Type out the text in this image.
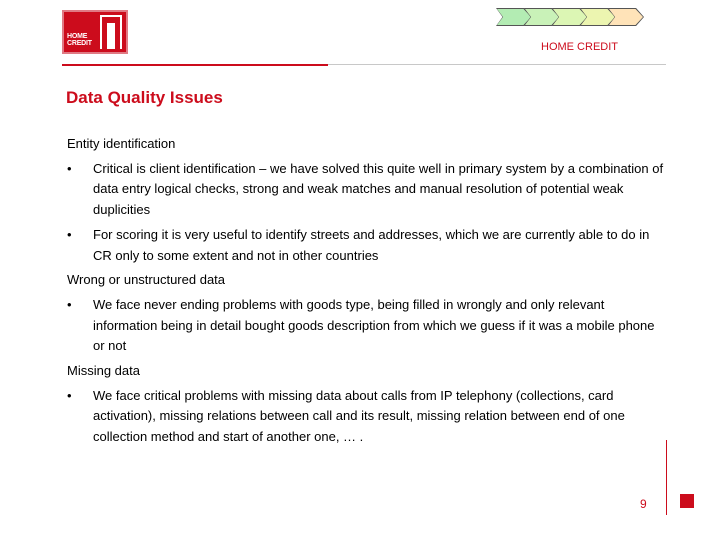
HOME
CREDIT	HOME CREDIT
Data Quality Issues
Entity identification
•	Critical is client identification – we have solved this quite well in primary system by a combination of data entry logical checks, strong and weak matches and manual resolution of potential weak duplicities
•	For scoring it is very useful to identify streets and addresses, which we are currently able to do in CR only to some extent and not in other countries
Wrong or unstructured data
•	We face never ending problems with goods type, being filled in wrongly and only relevant information being in detail bought goods description from which we guess if it was a mobile phone or not
Missing data
•	We face critical problems with missing data about calls from IP telephony (collections, card activation), missing relations between call and its result, missing relation between end of one collection method and start of another one, … .
9
